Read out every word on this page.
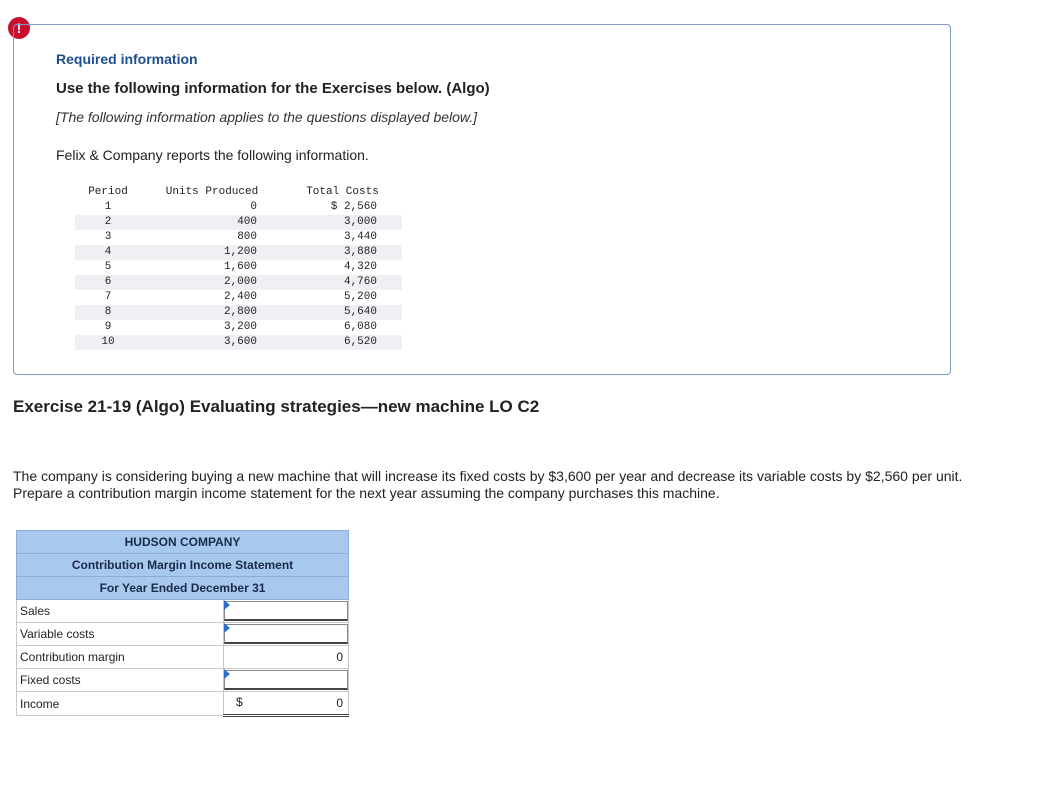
!
Required information
Use the following information for the Exercises below. (Algo)
[The following information applies to the questions displayed below.]
Felix & Company reports the following information.
Period	Units Produced	Total Costs
1	0	$ 2,560
2	400	3,000
3	800	3,440
4	1,200	3,880
5	1,600	4,320
6	2,000	4,760
7	2,400	5,200
8	2,800	5,640
9	3,200	6,080
10	3,600	6,520
Exercise 21-19 (Algo) Evaluating strategies—new machine LO C2
The company is considering buying a new machine that will increase its fixed costs by $3,600 per year and decrease its variable costs by $2,560 per unit. Prepare a contribution margin income statement for the next year assuming the company purchases this machine.
HUDSON COMPANY	
Contribution Margin Income Statement	
For Year Ended December 31	
Sales	

Variable costs	

Contribution margin	0
Fixed costs	

Income	$ 0
